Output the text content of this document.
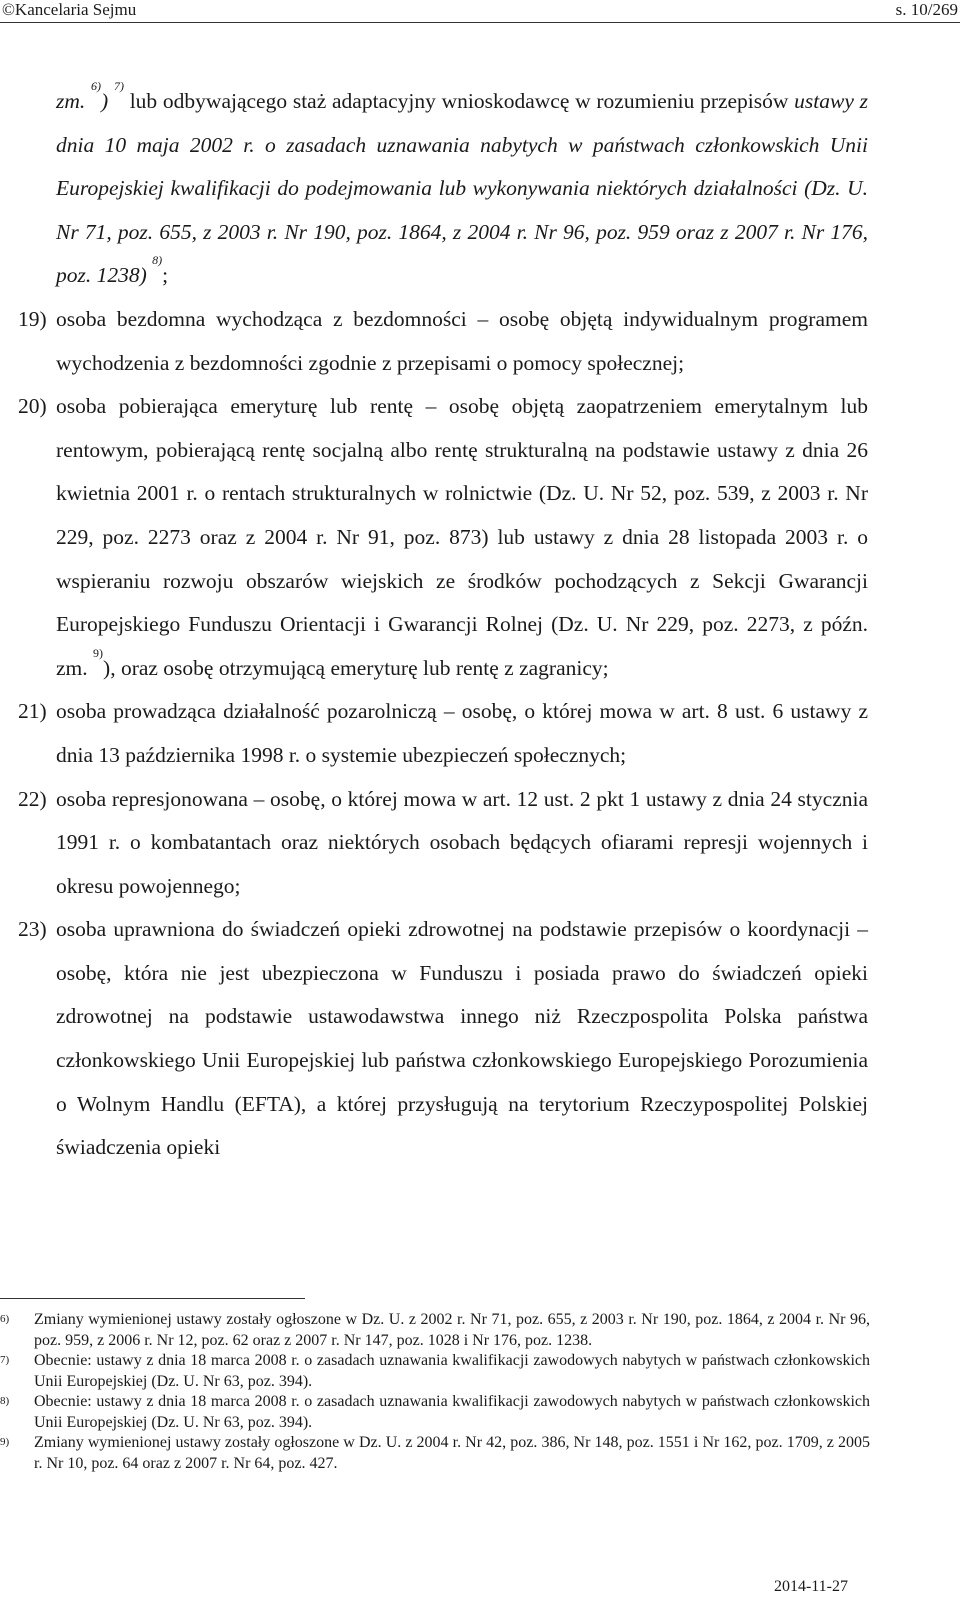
©Kancelaria Sejmu	s. 10/269

zm. $^{6)}$) $^{7)}$ lub odbywającego staż adaptacyjny wnioskodawcę w rozumieniu przepisów ustawy z dnia 10 maja 2002 r. o zasadach uznawania nabytych w państwach członkowskich Unii Europejskiej kwalifikacji do podejmowania lub wykonywania niektórych działalności (Dz. U. Nr 71, poz. 655, z 2003 r. Nr 190, poz. 1864, z 2004 r. Nr 96, poz. 959 oraz z 2007 r. Nr 176, poz. 1238) $^{8)}$;

19) osoba bezdomna wychodząca z bezdomności – osobę objętą indywidualnym programem wychodzenia z bezdomności zgodnie z przepisami o pomocy społecznej;
20) osoba pobierająca emeryturę lub rentę – osobę objętą zaopatrzeniem emerytalnym lub rentowym, pobierającą rentę socjalną albo rentę strukturalną na podstawie ustawy z dnia 26 kwietnia 2001 r. o rentach strukturalnych w rolnictwie (Dz. U. Nr 52, poz. 539, z 2003 r. Nr 229, poz. 2273 oraz z 2004 r. Nr 91, poz. 873) lub ustawy z dnia 28 listopada 2003 r. o wspieraniu rozwoju obszarów wiejskich ze środków pochodzących z Sekcji Gwarancji Europejskiego Funduszu Orientacji i Gwarancji Rolnej (Dz. U. Nr 229, poz. 2273, z późn. zm. $^{9)}$), oraz osobę otrzymującą emeryturę lub rentę z zagranicy;
21) osoba prowadząca działalność pozarolniczą – osobę, o której mowa w art. 8 ust. 6 ustawy z dnia 13 października 1998 r. o systemie ubezpieczeń społecznych;
22) osoba represjonowana – osobę, o której mowa w art. 12 ust. 2 pkt 1 ustawy z dnia 24 stycznia 1991 r. o kombatantach oraz niektórych osobach będących ofiarami represji wojennych i okresu powojennego;
23) osoba uprawniona do świadczeń opieki zdrowotnej na podstawie przepisów o koordynacji – osobę, która nie jest ubezpieczona w Funduszu i posiada prawo do świadczeń opieki zdrowotnej na podstawie ustawodawstwa innego niż Rzeczpospolita Polska państwa członkowskiego Unii Europejskiej lub państwa członkowskiego Europejskiego Porozumienia o Wolnym Handlu (EFTA), a której przysługują na terytorium Rzeczypospolitej Polskiej świadczenia opieki
6)	Zmiany wymienionej ustawy zostały ogłoszone w Dz. U. z 2002 r. Nr 71, poz. 655, z 2003 r. Nr 190, poz. 1864, z 2004 r. Nr 96, poz. 959, z 2006 r. Nr 12, poz. 62 oraz z 2007 r. Nr 147, poz. 1028 i Nr 176, poz. 1238.
7)	Obecnie: ustawy z dnia 18 marca 2008 r. o zasadach uznawania kwalifikacji zawodowych nabytych w państwach członkowskich Unii Europejskiej (Dz. U. Nr 63, poz. 394).
8)	Obecnie: ustawy z dnia 18 marca 2008 r. o zasadach uznawania kwalifikacji zawodowych nabytych w państwach członkowskich Unii Europejskiej (Dz. U. Nr 63, poz. 394).
9)	Zmiany wymienionej ustawy zostały ogłoszone w Dz. U. z 2004 r. Nr 42, poz. 386, Nr 148, poz. 1551 i Nr 162, poz. 1709, z 2005 r. Nr 10, poz. 64 oraz z 2007 r. Nr 64, poz. 427.
2014-11-27
